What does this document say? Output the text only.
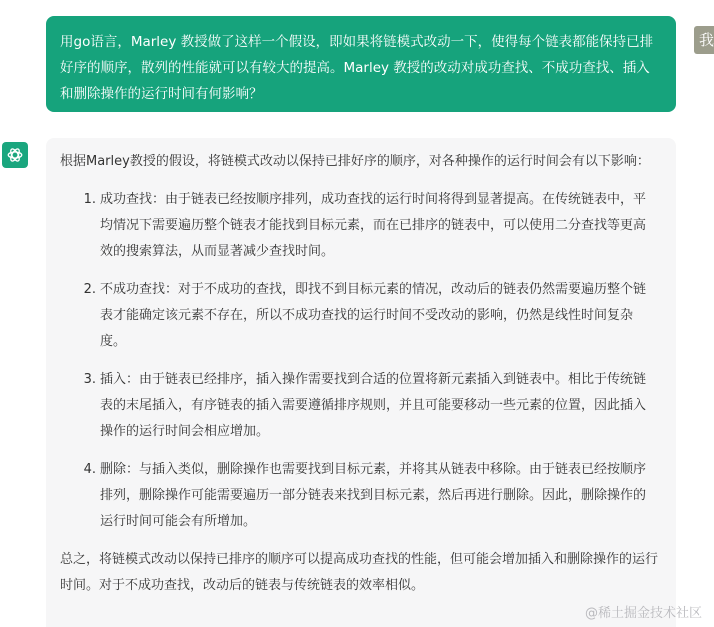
用go语言，Marley 教授做了这样一个假设，即如果将链模式改动一下，使得每个链表都能保持已排好序的顺序，散列的性能就可以有较大的提高。Marley 教授的改动对成功查找、不成功查找、插入和删除操作的运行时间有何影响？
我

根据Marley教授的假设，将链模式改动以保持已排好序的顺序，对各种操作的运行时间会有以下影响：

1. 成功查找：由于链表已经按顺序排列，成功查找的运行时间将得到显著提高。在传统链表中，平均情况下需要遍历整个链表才能找到目标元素，而在已排序的链表中，可以使用二分查找等更高效的搜索算法，从而显著减少查找时间。
2. 不成功查找：对于不成功的查找，即找不到目标元素的情况，改动后的链表仍然需要遍历整个链表才能确定该元素不存在，所以不成功查找的运行时间不受改动的影响，仍然是线性时间复杂度。
3. 插入：由于链表已经排序，插入操作需要找到合适的位置将新元素插入到链表中。相比于传统链表的末尾插入，有序链表的插入需要遵循排序规则，并且可能要移动一些元素的位置，因此插入操作的运行时间会相应增加。
4. 删除：与插入类似，删除操作也需要找到目标元素，并将其从链表中移除。由于链表已经按顺序排列，删除操作可能需要遍历一部分链表来找到目标元素，然后再进行删除。因此，删除操作的运行时间可能会有所增加。

总之，将链模式改动以保持已排序的顺序可以提高成功查找的性能，但可能会增加插入和删除操作的运行时间。对于不成功查找，改动后的链表与传统链表的效率相似。

@稀土掘金技术社区
